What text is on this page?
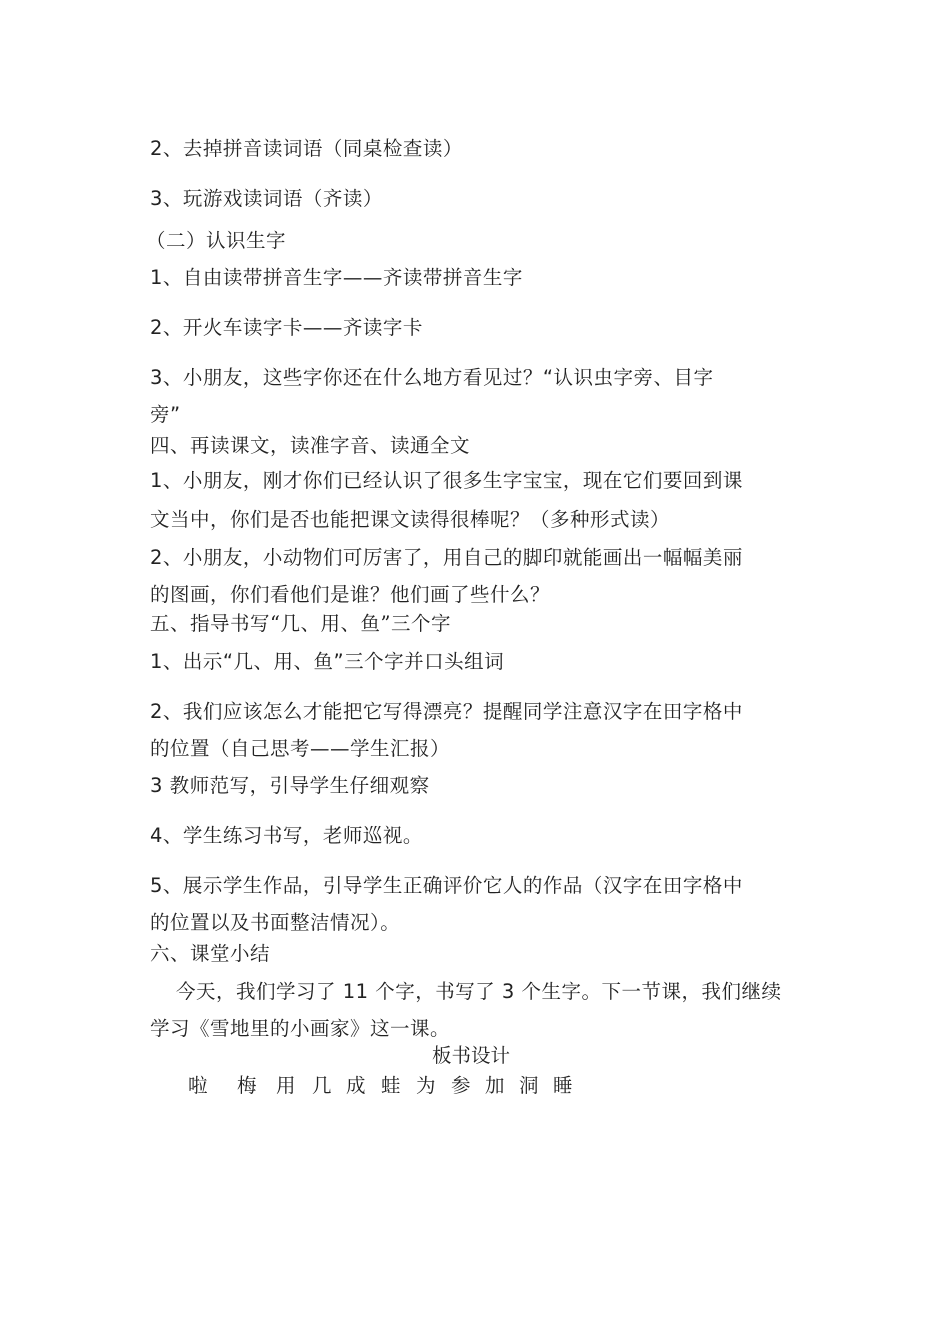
2、去掉拼音读词语（同桌检查读）
3、玩游戏读词语（齐读）
（二）认识生字
1、自由读带拼音生字——齐读带拼音生字
2、开火车读字卡——齐读字卡
3、小朋友，这些字你还在什么地方看见过？“认识虫字旁、目字
旁”
四、再读课文，读准字音、读通全文
1、小朋友，刚才你们已经认识了很多生字宝宝，现在它们要回到课
文当中，你们是否也能把课文读得很棒呢？（多种形式读）
2、小朋友，小动物们可厉害了，用自己的脚印就能画出一幅幅美丽
的图画，你们看他们是谁？他们画了些什么？
五、指导书写“几、用、鱼”三个字
1、出示“几、用、鱼”三个字并口头组词
2、我们应该怎么才能把它写得漂亮？提醒同学注意汉字在田字格中
的位置（自己思考——学生汇报）
3 教师范写，引导学生仔细观察
4、学生练习书写，老师巡视。
5、展示学生作品，引导学生正确评价它人的作品（汉字在田字格中
的位置以及书面整洁情况）。
六、课堂小结
今天，我们学习了 11 个字，书写了 3 个生字。下一节课，我们继续
学习《雪地里的小画家》这一课。
板书设计
啦 梅 用 几 成 蛙 为 参 加 洞 睡
